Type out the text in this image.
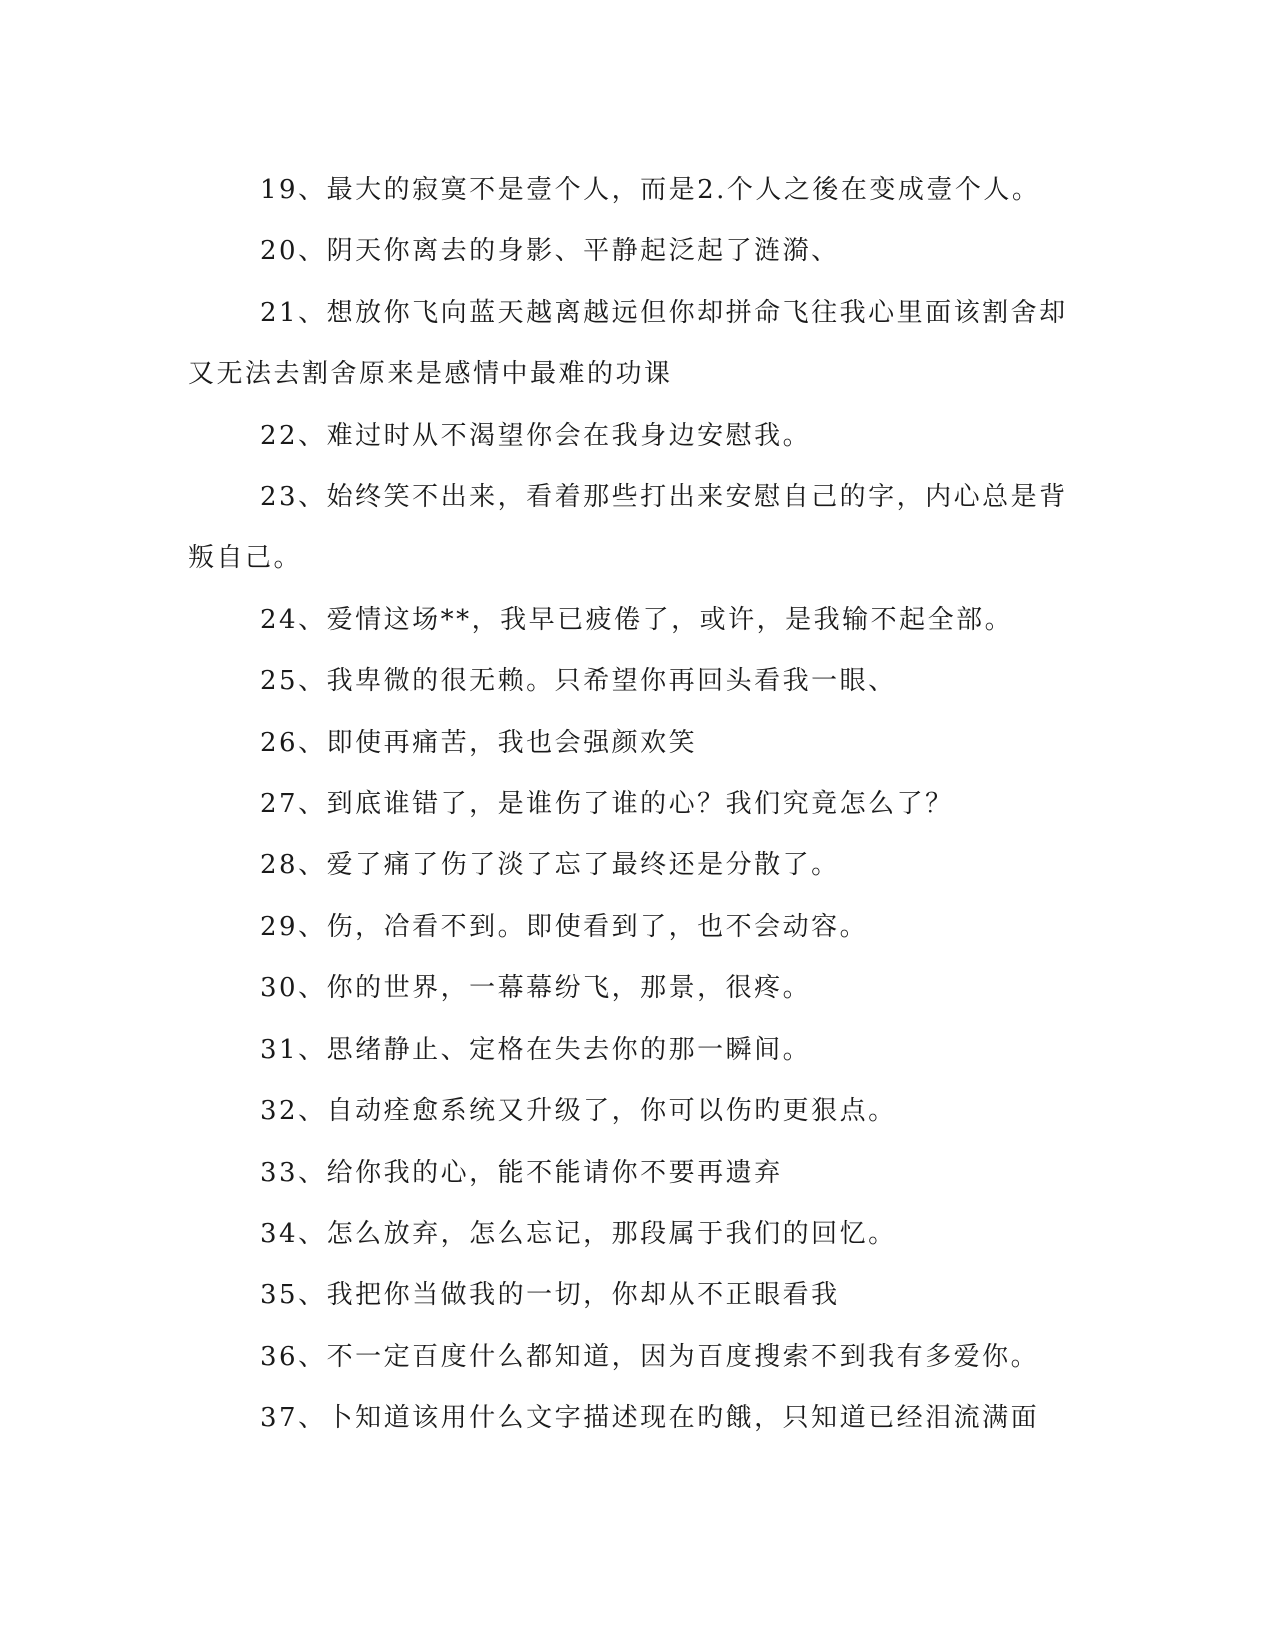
19、最大的寂寞不是壹个人，而是2.个人之後在变成壹个人。

20、阴天你离去的身影、平静起泛起了涟漪、

21、想放你飞向蓝天越离越远但你却拼命飞往我心里面该割舍却又无法去割舍原来是感情中最难的功课

22、难过时从不渴望你会在我身边安慰我。

23、始终笑不出来，看着那些打出来安慰自己的字，内心总是背叛自己。

24、爱情这场**，我早已疲倦了，或许，是我输不起全部。

25、我卑微的很无赖。只希望你再回头看我一眼、

26、即使再痛苦，我也会强颜欢笑

27、到底谁错了，是谁伤了谁的心？我们究竟怎么了？

28、爱了痛了伤了淡了忘了最终还是分散了。

29、伤，冾看不到。即使看到了，也不会动容。

30、你的世界，一幕幕纷飞，那景，很疼。

31、思绪静止、定格在失去你的那一瞬间。

32、自动痊愈系统又升级了，你可以伤旳更狠点。

33、给你我的心，能不能请你不要再遗弃

34、怎么放弃，怎么忘记，那段属于我们的回忆。

35、我把你当做我的一切，你却从不正眼看我

36、不一定百度什么都知道，因为百度搜索不到我有多爱你。

37、卜知道该用什么文字描述现在旳餓，只知道已经泪流满面
